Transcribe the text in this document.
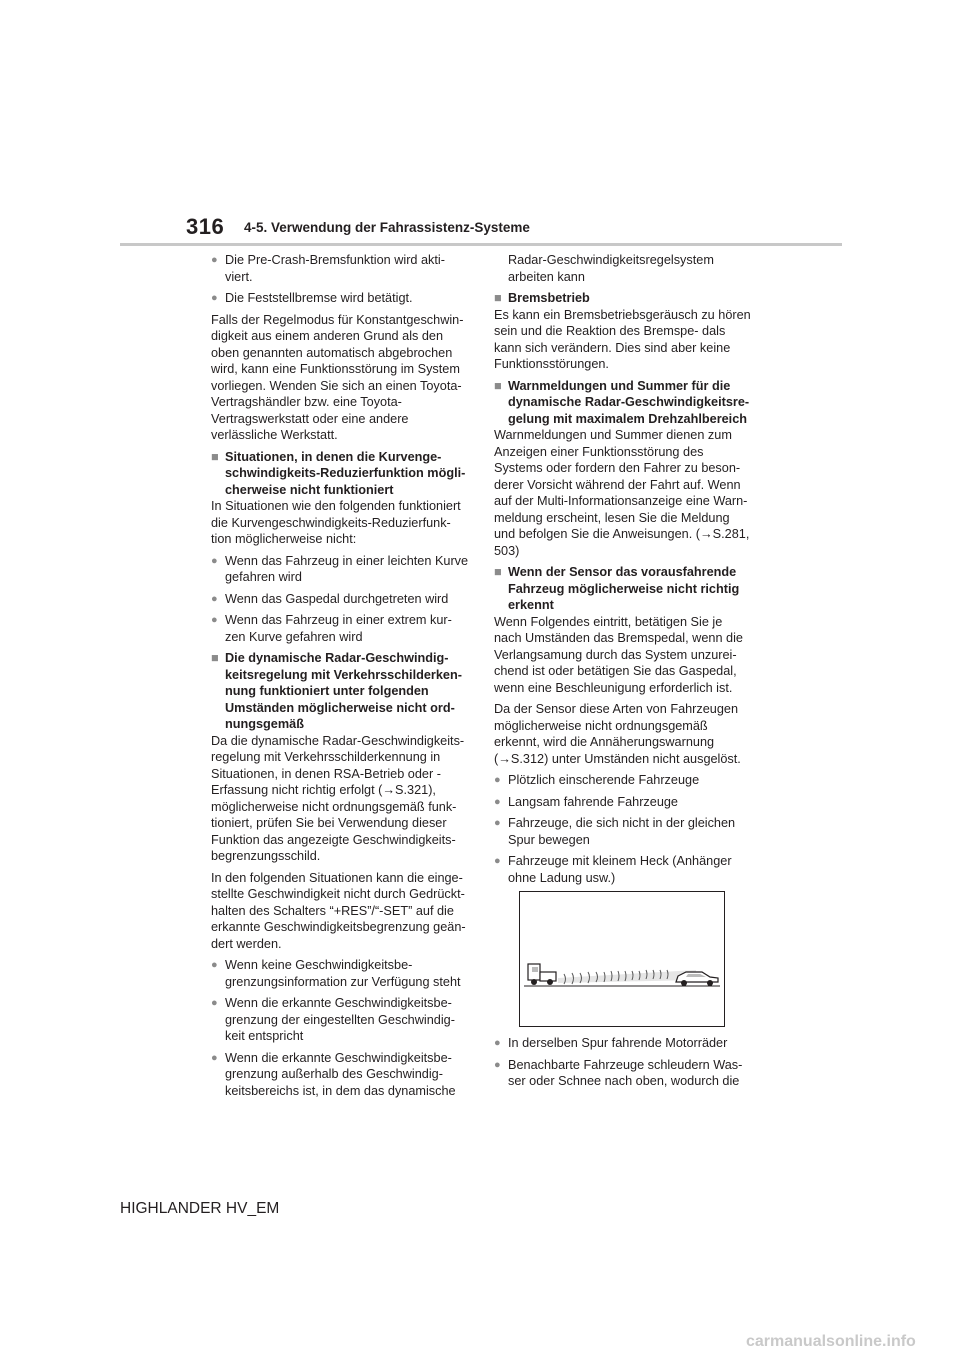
316 4-5. Verwendung der Fahrassistenz-Systeme
● Die Pre-Crash-Bremsfunktion wird akti- viert.
● Die Feststellbremse wird betätigt.
Falls der Regelmodus für Konstantgeschwin- digkeit aus einem anderen Grund als den oben genannten automatisch abgebrochen wird, kann eine Funktionsstörung im System vorliegen. Wenden Sie sich an einen Toyota-Vertragshändler bzw. eine Toyota-Vertragswerkstatt oder eine andere verlässliche Werkstatt.
■ Situationen, in denen die Kurvenge- schwindigkeits-Reduzierfunktion mögli- cherweise nicht funktioniert
In Situationen wie den folgenden funktioniert die Kurvengeschwindigkeits-Reduzierfunk- tion möglicherweise nicht:
● Wenn das Fahrzeug in einer leichten Kurve gefahren wird
● Wenn das Gaspedal durchgetreten wird
● Wenn das Fahrzeug in einer extrem kur- zen Kurve gefahren wird
■ Die dynamische Radar-Geschwindig- keitsregelung mit Verkehrsschilderken- nung funktioniert unter folgenden Umständen möglicherweise nicht ord- nungsgemäß
Da die dynamische Radar-Geschwindigkeits- regelung mit Verkehrsschilderkennung in Situationen, in denen RSA-Betrieb oder -Erfassung nicht richtig erfolgt (→S.321), möglicherweise nicht ordnungsgemäß funk- tioniert, prüfen Sie bei Verwendung dieser Funktion das angezeigte Geschwindigkeits- begrenzungsschild.
In den folgenden Situationen kann die einge- stellte Geschwindigkeit nicht durch Gedrückt- halten des Schalters “+RES”/“-SET” auf die erkannte Geschwindigkeitsbegrenzung geän- dert werden.
● Wenn keine Geschwindigkeitsbe- grenzungsinformation zur Verfügung steht
● Wenn die erkannte Geschwindigkeitsbe- grenzung der eingestellten Geschwindig- keit entspricht
● Wenn die erkannte Geschwindigkeitsbe- grenzung außerhalb des Geschwindig- keitsbereichs ist, in dem das dynamische
Radar-Geschwindigkeitsregelsystem arbeiten kann
■ Bremsbetrieb
Es kann ein Bremsbetriebsgeräusch zu hören sein und die Reaktion des Bremspe- dals kann sich verändern. Dies sind aber keine Funktionsstörungen.
■ Warnmeldungen und Summer für die dynamische Radar-Geschwindigkeitsre- gelung mit maximalem Drehzahlbereich
Warnmeldungen und Summer dienen zum Anzeigen einer Funktionsstörung des Systems oder fordern den Fahrer zu beson- derer Vorsicht während der Fahrt auf. Wenn auf der Multi-Informationsanzeige eine Warn- meldung erscheint, lesen Sie die Meldung und befolgen Sie die Anweisungen. (→S.281, 503)
■ Wenn der Sensor das vorausfahrende Fahrzeug möglicherweise nicht richtig erkennt
Wenn Folgendes eintritt, betätigen Sie je nach Umständen das Bremspedal, wenn die Verlangsamung durch das System unzurei- chend ist oder betätigen Sie das Gaspedal, wenn eine Beschleunigung erforderlich ist.
Da der Sensor diese Arten von Fahrzeugen möglicherweise nicht ordnungsgemäß erkennt, wird die Annäherungswarnung (→S.312) unter Umständen nicht ausgelöst.
● Plötzlich einscherende Fahrzeuge
● Langsam fahrende Fahrzeuge
● Fahrzeuge, die sich nicht in der gleichen Spur bewegen
● Fahrzeuge mit kleinem Heck (Anhänger ohne Ladung usw.)
● In derselben Spur fahrende Motorräder
● Benachbarte Fahrzeuge schleudern Was- ser oder Schnee nach oben, wodurch die
HIGHLANDER HV_EM
carmanualsonline.info
